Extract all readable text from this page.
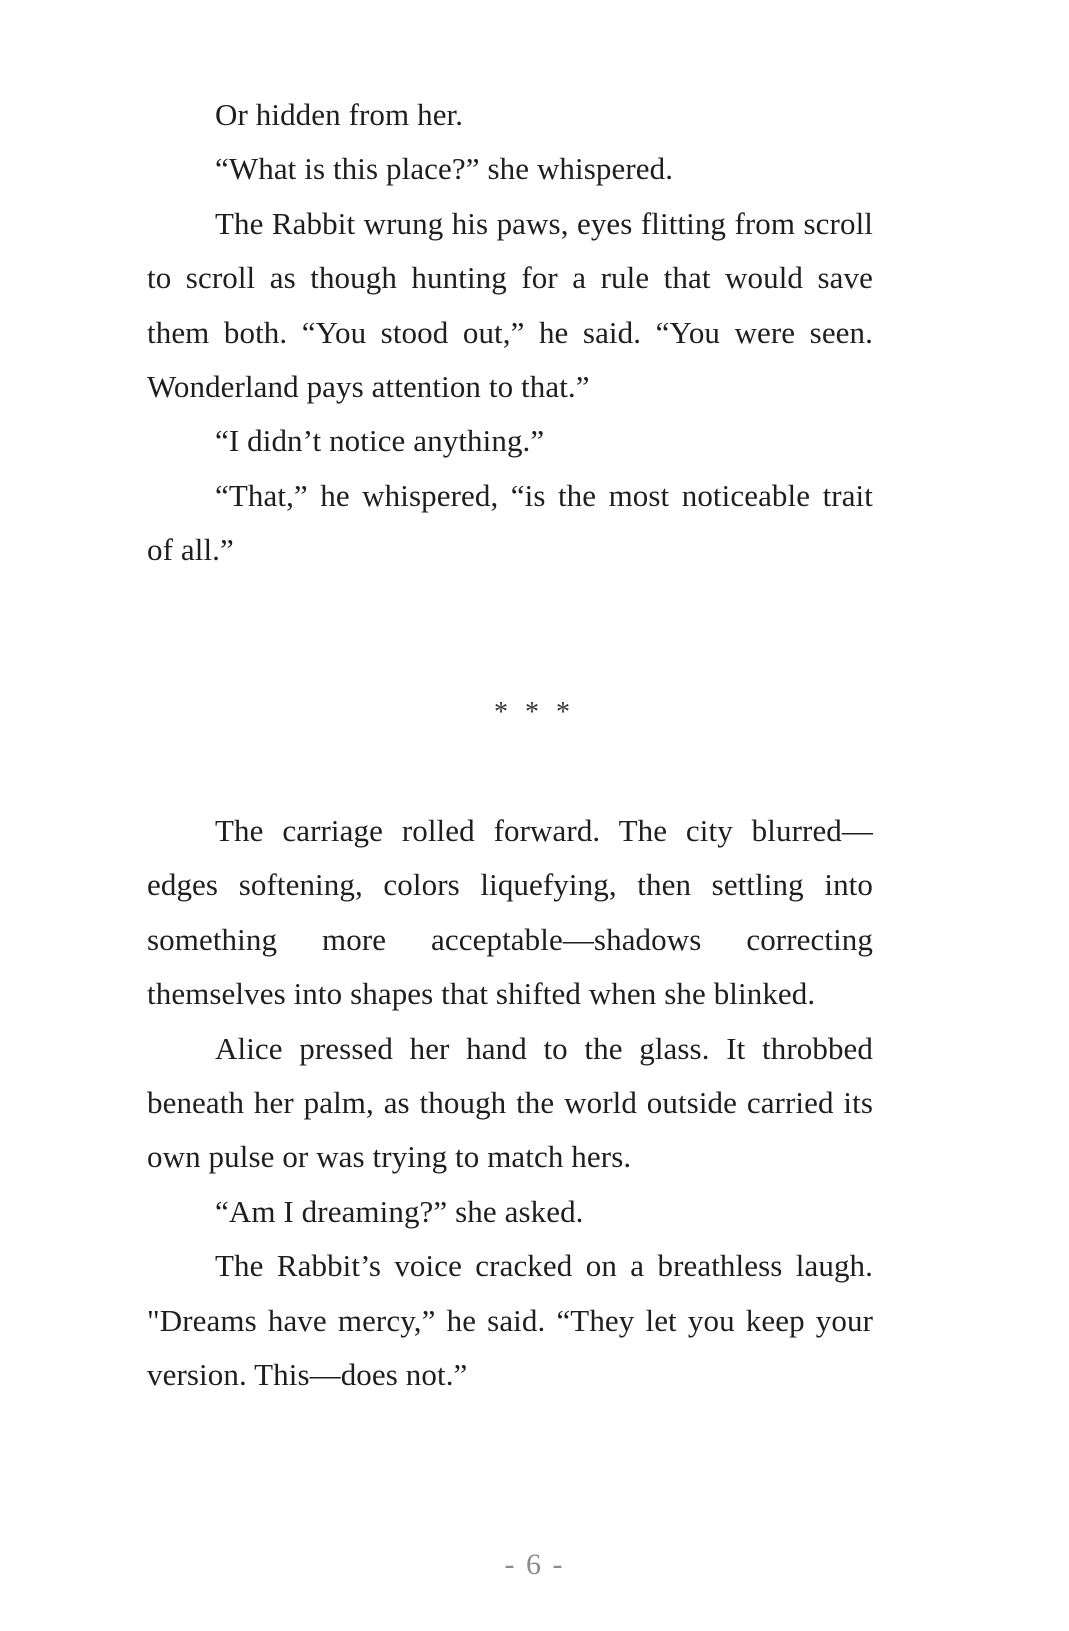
Or hidden from her.

“What is this place?” she whispered.

The Rabbit wrung his paws, eyes flitting from scroll to scroll as though hunting for a rule that would save them both. “You stood out,” he said. “You were seen. Wonderland pays attention to that.”

“I didn’t notice anything.”

“That,” he whispered, “is the most noticeable trait of all.”

* * *

The carriage rolled forward. The city blurred—edges softening, colors liquefying, then settling into something more acceptable—shadows correcting themselves into shapes that shifted when she blinked.

Alice pressed her hand to the glass. It throbbed beneath her palm, as though the world outside carried its own pulse or was trying to match hers.

“Am I dreaming?” she asked.

The Rabbit’s voice cracked on a breathless laugh. "Dreams have mercy,” he said. “They let you keep your version. This—does not.”

- 6 -
